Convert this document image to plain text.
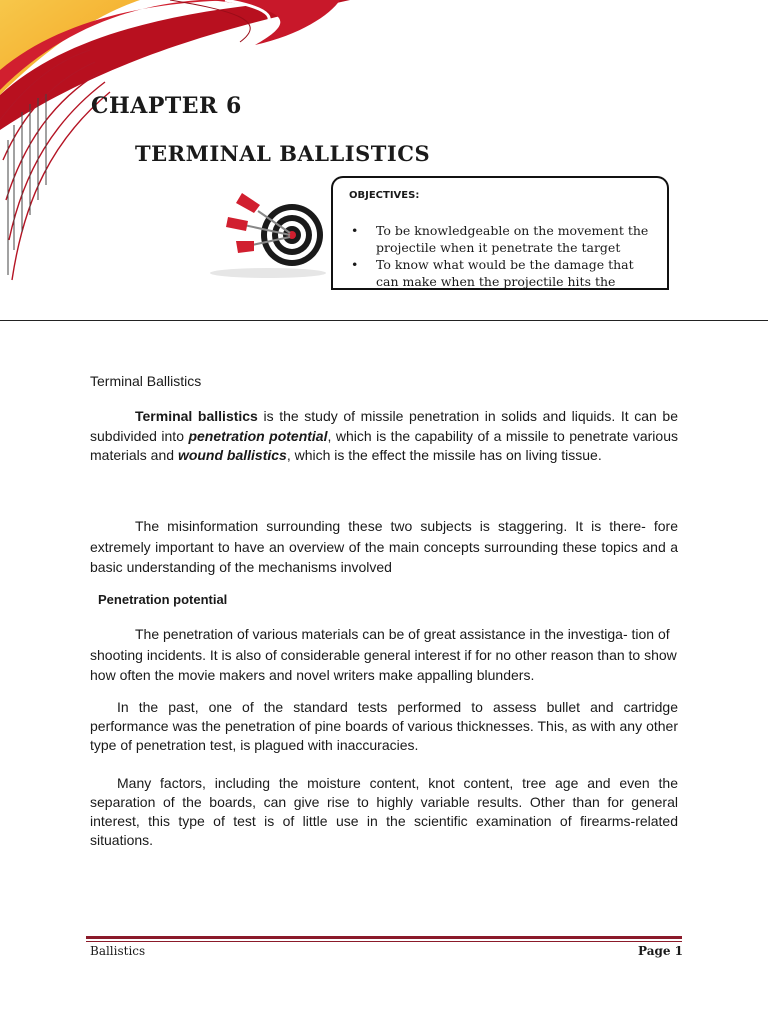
CHAPTER 6
TERMINAL BALLISTICS
OBJECTIVES:
• To be knowledgeable on the movement the projectile when it penetrate the target
• To know what would be the damage that can make when the projectile hits the

Terminal Ballistics

Terminal ballistics is the study of missile penetration in solids and liquids. It can be subdivided into penetration potential, which is the capability of a missile to penetrate various materials and wound ballistics, which is the effect the missile has on living tissue.

The misinformation surrounding these two subjects is staggering. It is there- fore extremely important to have an overview of the main concepts surrounding these topics and a basic understanding of the mechanisms involved

Penetration potential

The penetration of various materials can be of great assistance in the investiga- tion of shooting incidents. It is also of considerable general interest if for no other reason than to show how often the movie makers and novel writers make appalling blunders.

In the past, one of the standard tests performed to assess bullet and cartridge performance was the penetration of pine boards of various thicknesses. This, as with any other type of penetration test, is plagued with inaccuracies.

Many factors, including the moisture content, knot content, tree age and even the separation of the boards, can give rise to highly variable results. Other than for general interest, this type of test is of little use in the scientific examination of firearms-related situations.

Ballistics	Page 1
